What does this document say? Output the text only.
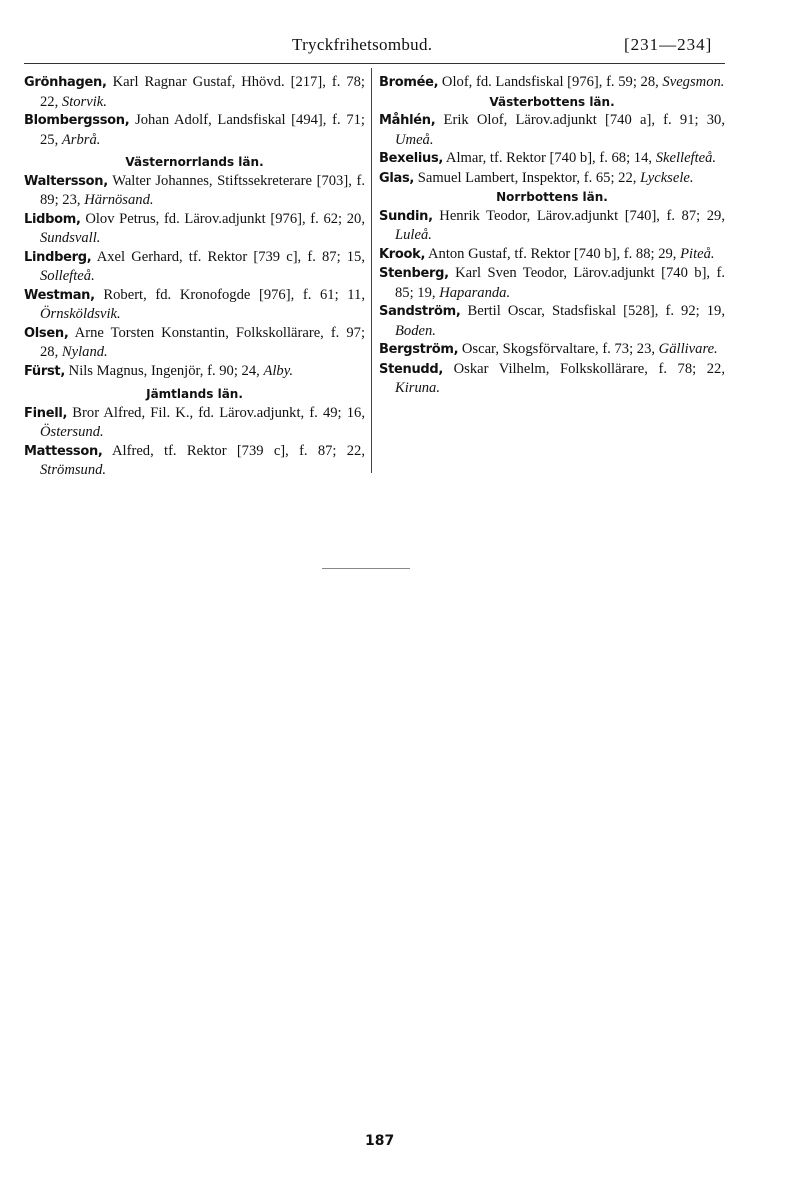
Tryckfrihetsombud.	[231—234]
Grönhagen, Karl Ragnar Gustaf, Hhövd. [217], f. 78; 22, Storvik.
Blombergsson, Johan Adolf, Landsfiskal [494], f. 71; 25, Arbrå.
Västernorrlands län.
Waltersson, Walter Johannes, Stiftssekreterare [703], f. 89; 23, Härnösand.
Lidbom, Olov Petrus, fd. Lärov.adjunkt [976], f. 62; 20, Sundsvall.
Lindberg, Axel Gerhard, tf. Rektor [739 c], f. 87; 15, Sollefteå.
Westman, Robert, fd. Kronofogde [976], f. 61; 11, Örnsköldsvik.
Olsen, Arne Torsten Konstantin, Folkskollärare, f. 97; 28, Nyland.
Fürst, Nils Magnus, Ingenjör, f. 90; 24, Alby.
Jämtlands län.
Finell, Bror Alfred, Fil. K., fd. Lärov.adjunkt, f. 49; 16, Östersund.
Mattesson, Alfred, tf. Rektor [739 c], f. 87; 22, Strömsund.
Bromée, Olof, fd. Landsfiskal [976], f. 59; 28, Svegsmon.
Västerbottens län.
Måhlén, Erik Olof, Lärov.adjunkt [740 a], f. 91; 30, Umeå.
Bexelius, Almar, tf. Rektor [740 b], f. 68; 14, Skellefteå.
Glas, Samuel Lambert, Inspektor, f. 65; 22, Lycksele.
Norrbottens län.
Sundin, Henrik Teodor, Lärov.adjunkt [740], f. 87; 29, Luleå.
Krook, Anton Gustaf, tf. Rektor [740 b], f. 88; 29, Piteå.
Stenberg, Karl Sven Teodor, Lärov.adjunkt [740 b], f. 85; 19, Haparanda.
Sandström, Bertil Oscar, Stadsfiskal [528], f. 92; 19, Boden.
Bergström, Oscar, Skogsförvaltare, f. 73; 23, Gällivare.
Stenudd, Oskar Vilhelm, Folkskollärare, f. 78; 22, Kiruna.
187
